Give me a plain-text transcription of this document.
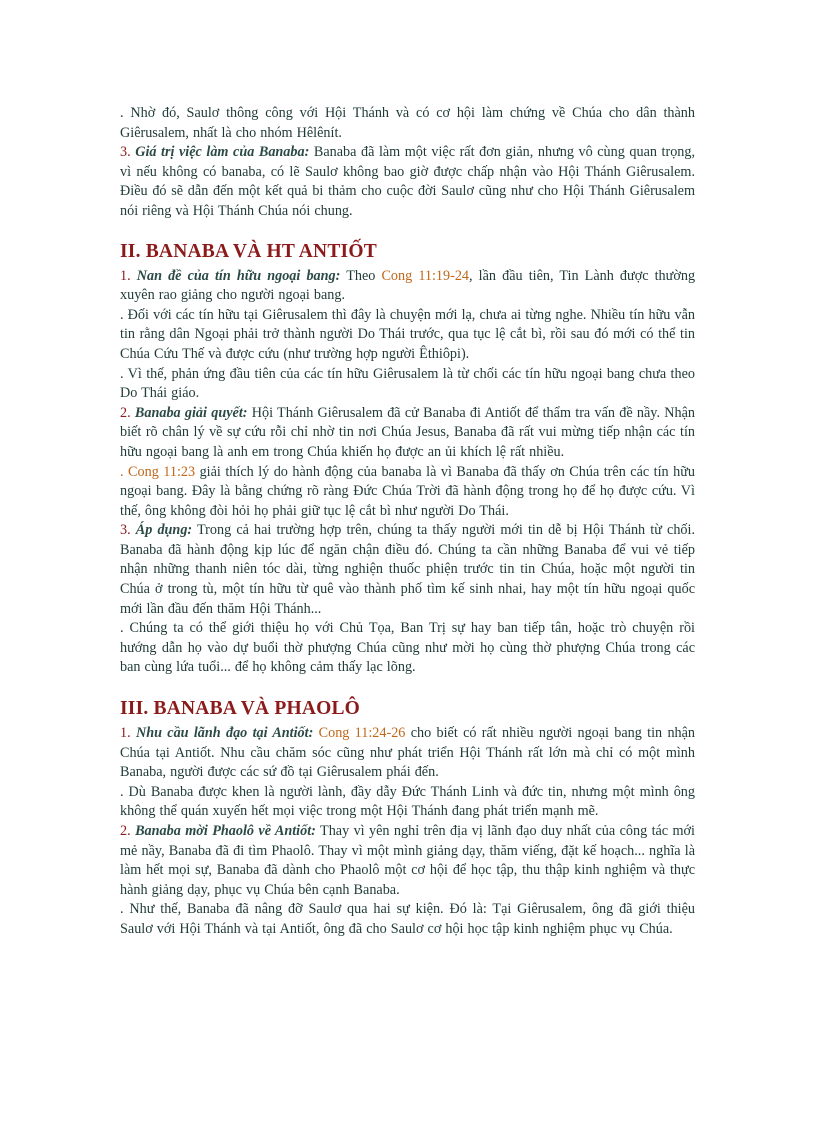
. Nhờ đó, Saulơ thông công với Hội Thánh và có cơ hội làm chứng về Chúa cho dân thành Giêrusalem, nhất là cho nhóm Hêlênít.

3. Giá trị việc làm của Banaba: Banaba đã làm một việc rất đơn giản, nhưng vô cùng quan trọng, vì nếu không có banaba, có lẽ Saulơ không bao giờ được chấp nhận vào Hội Thánh Giêrusalem. Điều đó sẽ dẫn đến một kết quả bi thảm cho cuộc đời Saulơ cũng như cho Hội Thánh Giêrusalem nói riêng và Hội Thánh Chúa nói chung.

II. BANABA VÀ HT ANTIỐT

1. Nan đề của tín hữu ngoại bang: Theo Cong 11:19-24, lần đầu tiên, Tin Lành được thường xuyên rao giảng cho người ngoại bang.

. Đối với các tín hữu tại Giêrusalem thì đây là chuyện mới lạ, chưa ai từng nghe. Nhiều tín hữu vẫn tin rằng dân Ngoại phải trở thành người Do Thái trước, qua tục lệ cắt bì, rồi sau đó mới có thể tin Chúa Cứu Thế và được cứu (như trường hợp người Êthiôpi).

. Vì thế, phản ứng đầu tiên của các tín hữu Giêrusalem là từ chối các tín hữu ngoại bang chưa theo Do Thái giáo.

2. Banaba giải quyết: Hội Thánh Giêrusalem đã cử Banaba đi Antiốt để thẩm tra vấn đề nầy. Nhận biết rõ chân lý về sự cứu rỗi chỉ nhờ tin nơi Chúa Jesus, Banaba đã rất vui mừng tiếp nhận các tín hữu ngoại bang là anh em trong Chúa khiến họ được an ủi khích lệ rất nhiều.

. Cong 11:23 giải thích lý do hành động của banaba là vì Banaba đã thấy ơn Chúa trên các tín hữu ngoại bang. Đây là bằng chứng rõ ràng Đức Chúa Trời đã hành động trong họ để họ được cứu. Vì thế, ông không đòi hỏi họ phải giữ tục lệ cắt bì như người Do Thái.

3. Áp dụng: Trong cả hai trường hợp trên, chúng ta thấy người mới tin dễ bị Hội Thánh từ chối. Banaba đã hành động kịp lúc để ngăn chận điều đó. Chúng ta cần những Banaba để vui vẻ tiếp nhận những thanh niên tóc dài, từng nghiện thuốc phiện trước tin tin Chúa, hoặc một người tin Chúa ở trong tù, một tín hữu từ quê vào thành phố tìm kế sinh nhai, hay một tín hữu ngoại quốc mới lần đầu đến thăm Hội Thánh...

. Chúng ta có thể giới thiệu họ với Chủ Tọa, Ban Trị sự hay ban tiếp tân, hoặc trò chuyện rồi hướng dẫn họ vào dự buổi thờ phượng Chúa cũng như mời họ cùng thờ phượng Chúa trong các ban cùng lứa tuổi... để họ không cảm thấy lạc lõng.

III. BANABA VÀ PHAOLÔ

1. Nhu cầu lãnh đạo tại Antiốt: Cong 11:24-26 cho biết có rất nhiều người ngoại bang tin nhận Chúa tại Antiốt. Nhu cầu chăm sóc cũng như phát triển Hội Thánh rất lớn mà chỉ có một mình Banaba, người được các sứ đồ tại Giêrusalem phái đến.

. Dù Banaba được khen là người lành, đầy dẫy Đức Thánh Linh và đức tin, nhưng một mình ông không thể quán xuyến hết mọi việc trong một Hội Thánh đang phát triển mạnh mẽ.

2. Banaba mời Phaolô về Antiốt: Thay vì yên nghỉ trên địa vị lãnh đạo duy nhất của công tác mới mẻ nầy, Banaba đã đi tìm Phaolô. Thay vì một mình giảng dạy, thăm viếng, đặt kế hoạch... nghĩa là làm hết mọi sự, Banaba đã dành cho Phaolô một cơ hội để học tập, thu thập kinh nghiệm và thực hành giảng dạy, phục vụ Chúa bên cạnh Banaba.

. Như thế, Banaba đã nâng đỡ Saulơ qua hai sự kiện. Đó là: Tại Giêrusalem, ông đã giới thiệu Saulơ với Hội Thánh và tại Antiốt, ông đã cho Saulơ cơ hội học tập kinh nghiệm phục vụ Chúa.
